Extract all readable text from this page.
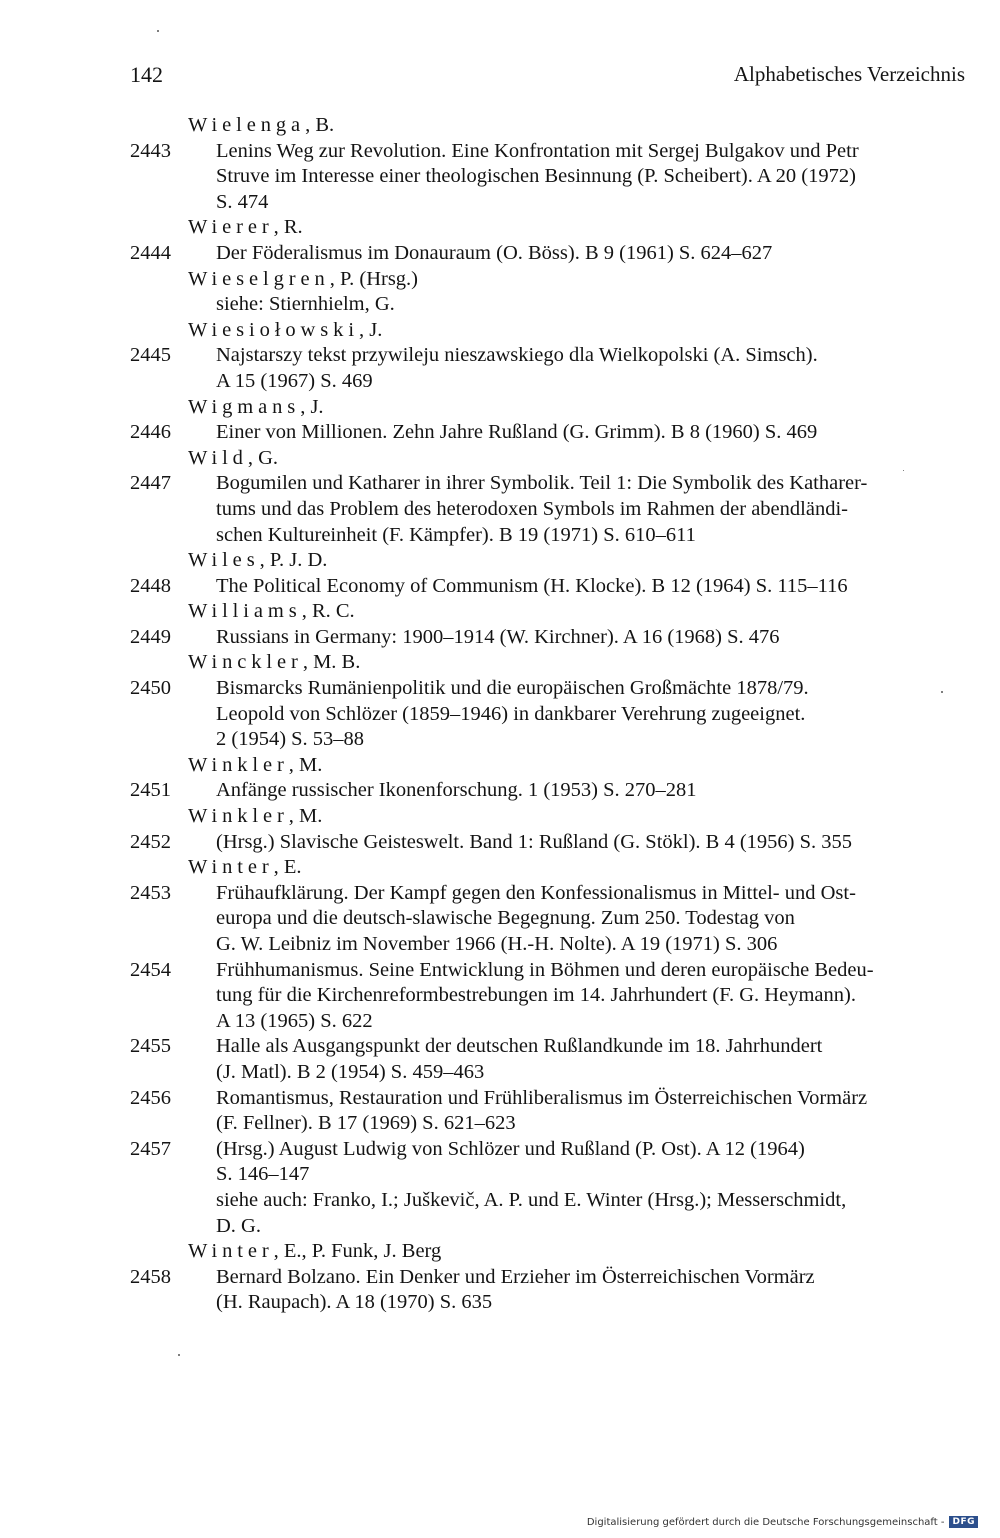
142	Alphabetisches Verzeichnis
Wielenga, B.
2443 Lenins Weg zur Revolution. Eine Konfrontation mit Sergej Bulgakov und Petr
Struve im Interesse einer theologischen Besinnung (P. Scheibert). A 20 (1972)
S. 474
Wierer, R.
2444 Der Föderalismus im Donauraum (O. Böss). B 9 (1961) S. 624–627
Wieselgren, P. (Hrsg.)
siehe: Stiernhielm, G.
Wiesiołowski, J.
2445 Najstarszy tekst przywileju nieszawskiego dla Wielkopolski (A. Simsch).
A 15 (1967) S. 469
Wigmans, J.
2446 Einer von Millionen. Zehn Jahre Rußland (G. Grimm). B 8 (1960) S. 469
Wild, G.
2447 Bogumilen und Katharer in ihrer Symbolik. Teil 1: Die Symbolik des Katharer-
tums und das Problem des heterodoxen Symbols im Rahmen der abendländi-
schen Kultureinheit (F. Kämpfer). B 19 (1971) S. 610–611
Wiles, P. J. D.
2448 The Political Economy of Communism (H. Klocke). B 12 (1964) S. 115–116
Williams, R. C.
2449 Russians in Germany: 1900–1914 (W. Kirchner). A 16 (1968) S. 476
Winckler, M. B.
2450 Bismarcks Rumänienpolitik und die europäischen Großmächte 1878/79.
Leopold von Schlözer (1859–1946) in dankbarer Verehrung zugeeignet.
2 (1954) S. 53–88
Winkler, M.
2451 Anfänge russischer Ikonenforschung. 1 (1953) S. 270–281
Winkler, M.
2452 (Hrsg.) Slavische Geisteswelt. Band 1: Rußland (G. Stökl). B 4 (1956) S. 355
Winter, E.
2453 Frühaufklärung. Der Kampf gegen den Konfessionalismus in Mittel- und Ost-
europa und die deutsch-slawische Begegnung. Zum 250. Todestag von
G. W. Leibniz im November 1966 (H.-H. Nolte). A 19 (1971) S. 306
2454 Frühhumanismus. Seine Entwicklung in Böhmen und deren europäische Bedeu-
tung für die Kirchenreformbestrebungen im 14. Jahrhundert (F. G. Heymann).
A 13 (1965) S. 622
2455 Halle als Ausgangspunkt der deutschen Rußlandkunde im 18. Jahrhundert
(J. Matl). B 2 (1954) S. 459–463
2456 Romantismus, Restauration und Frühliberalismus im Österreichischen Vormärz
(F. Fellner). B 17 (1969) S. 621–623
2457 (Hrsg.) August Ludwig von Schlözer und Rußland (P. Ost). A 12 (1964)
S. 146–147
siehe auch: Franko, I.; Juškevič, A. P. und E. Winter (Hrsg.); Messerschmidt,
D. G.
Winter, E., P. Funk, J. Berg
2458 Bernard Bolzano. Ein Denker und Erzieher im Österreichischen Vormärz
(H. Raupach). A 18 (1970) S. 635
Digitalisierung gefördert durch die Deutsche Forschungsgemeinschaft - DFG
